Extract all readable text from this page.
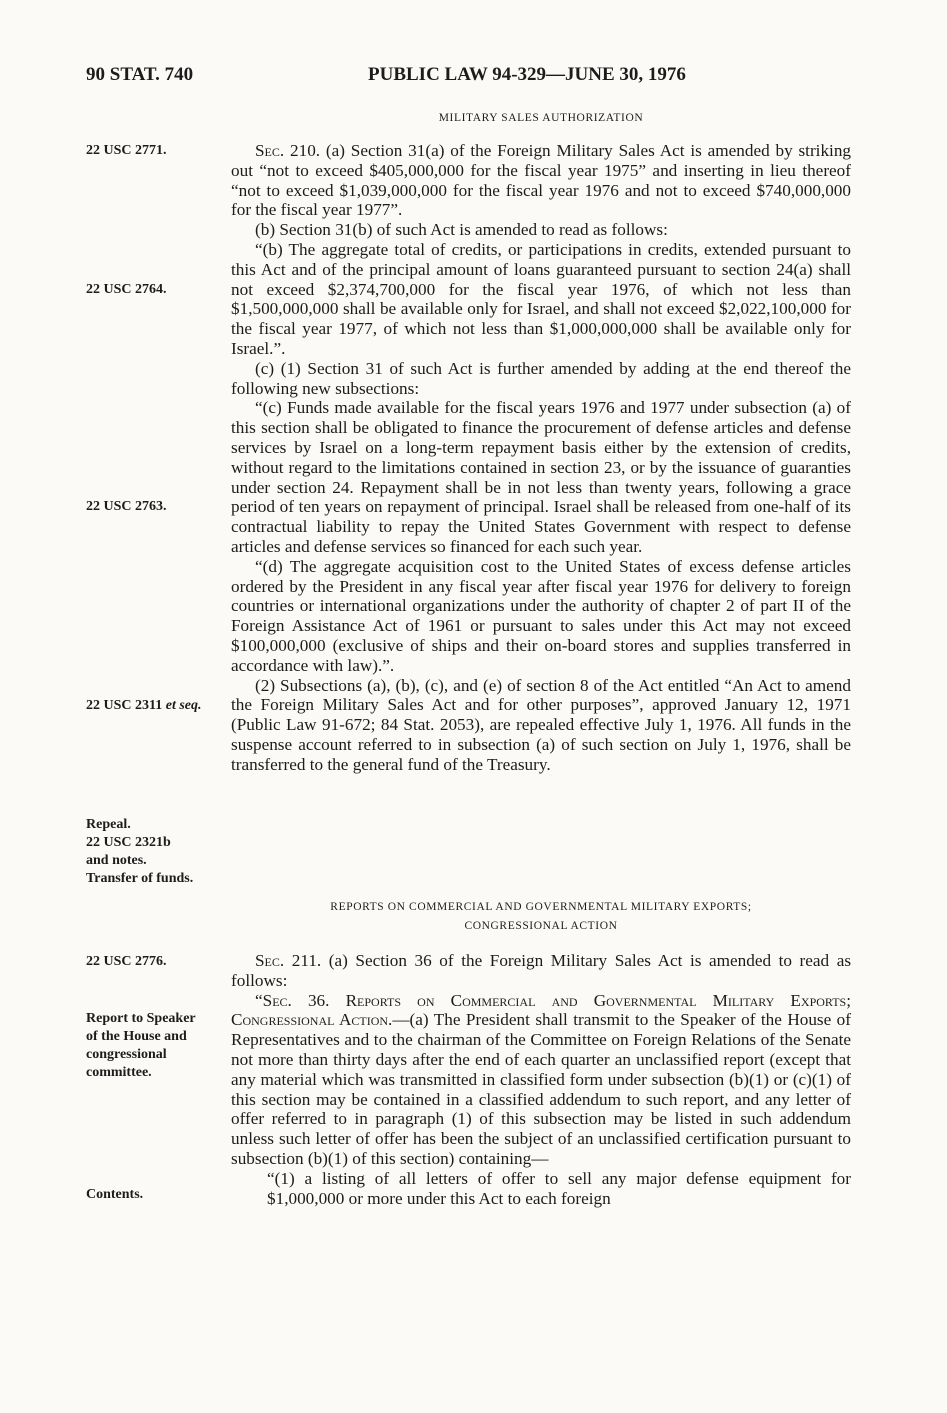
90 STAT. 740	PUBLIC LAW 94-329—JUNE 30, 1976
MILITARY SALES AUTHORIZATION
22 USC 2771.
22 USC 2764.
22 USC 2763.
22 USC 2311 et seq.
Repeal.
22 USC 2321b
and notes.
Transfer of funds.
22 USC 2776.
Report to Speaker of the House and congressional committee.
Contents.

Sec. 210. (a) Section 31(a) of the Foreign Military Sales Act is amended by striking out “not to exceed $405,000,000 for the fiscal year 1975” and inserting in lieu thereof “not to exceed $1,039,000,000 for the fiscal year 1976 and not to exceed $740,000,000 for the fiscal year 1977”.

(b) Section 31(b) of such Act is amended to read as follows:

“(b) The aggregate total of credits, or participations in credits, extended pursuant to this Act and of the principal amount of loans guaranteed pursuant to section 24(a) shall not exceed $2,374,700,000 for the fiscal year 1976, of which not less than $1,500,000,000 shall be available only for Israel, and shall not exceed $2,022,100,000 for the fiscal year 1977, of which not less than $1,000,000,000 shall be available only for Israel.”.

(c) (1) Section 31 of such Act is further amended by adding at the end thereof the following new subsections:

“(c) Funds made available for the fiscal years 1976 and 1977 under subsection (a) of this section shall be obligated to finance the procurement of defense articles and defense services by Israel on a long-term repayment basis either by the extension of credits, without regard to the limitations contained in section 23, or by the issuance of guaranties under section 24. Repayment shall be in not less than twenty years, following a grace period of ten years on repayment of principal. Israel shall be released from one-half of its contractual liability to repay the United States Government with respect to defense articles and defense services so financed for each such year.

“(d) The aggregate acquisition cost to the United States of excess defense articles ordered by the President in any fiscal year after fiscal year 1976 for delivery to foreign countries or international organizations under the authority of chapter 2 of part II of the Foreign Assistance Act of 1961 or pursuant to sales under this Act may not exceed $100,000,000 (exclusive of ships and their on-board stores and supplies transferred in accordance with law).”.

(2) Subsections (a), (b), (c), and (e) of section 8 of the Act entitled “An Act to amend the Foreign Military Sales Act and for other purposes”, approved January 12, 1971 (Public Law 91-672; 84 Stat. 2053), are repealed effective July 1, 1976. All funds in the suspense account referred to in subsection (a) of such section on July 1, 1976, shall be transferred to the general fund of the Treasury.

REPORTS ON COMMERCIAL AND GOVERNMENTAL MILITARY EXPORTS;
CONGRESSIONAL ACTION

Sec. 211. (a) Section 36 of the Foreign Military Sales Act is amended to read as follows:

“Sec. 36. Reports on Commercial and Governmental Military Exports; Congressional Action.—(a) The President shall transmit to the Speaker of the House of Representatives and to the chairman of the Committee on Foreign Relations of the Senate not more than thirty days after the end of each quarter an unclassified report (except that any material which was transmitted in classified form under subsection (b)(1) or (c)(1) of this section may be contained in a classified addendum to such report, and any letter of offer referred to in paragraph (1) of this subsection may be listed in such addendum unless such letter of offer has been the subject of an unclassified certification pursuant to subsection (b)(1) of this section) containing—

“(1) a listing of all letters of offer to sell any major defense equipment for $1,000,000 or more under this Act to each foreign
